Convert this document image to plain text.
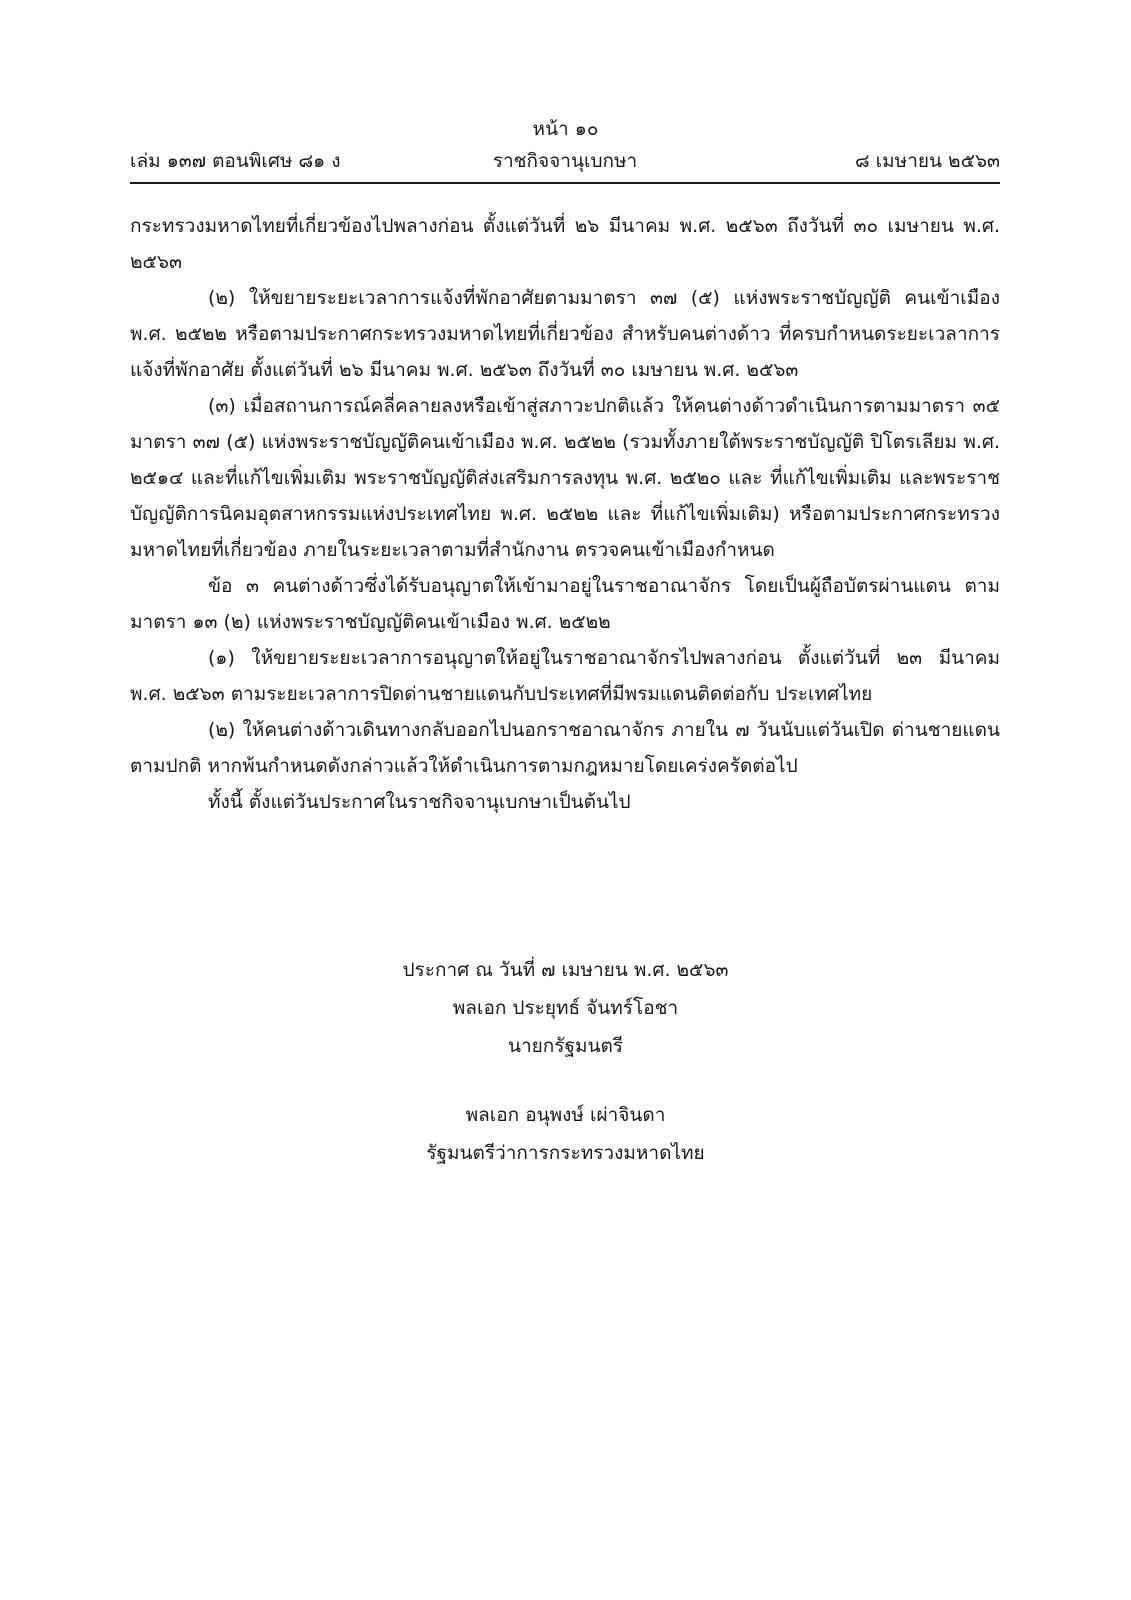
หน้า ๑๐
เล่ม ๑๓๗ ตอนพิเศษ ๘๑ ง	ราชกิจจานุเบกษา	๘ เมษายน ๒๕๖๓

กระทรวงมหาดไทยที่เกี่ยวข้องไปพลางก่อน ตั้งแต่วันที่ ๒๖ มีนาคม พ.ศ. ๒๕๖๓ ถึงวันที่ ๓๐ เมษายน พ.ศ. ๒๕๖๓

(๒) ให้ขยายระยะเวลาการแจ้งที่พักอาศัยตามมาตรา ๓๗ (๕) แห่งพระราชบัญญัติ คนเข้าเมือง พ.ศ. ๒๕๒๒ หรือตามประกาศกระทรวงมหาดไทยที่เกี่ยวข้อง สำหรับคนต่างด้าว ที่ครบกำหนดระยะเวลาการแจ้งที่พักอาศัย ตั้งแต่วันที่ ๒๖ มีนาคม พ.ศ. ๒๕๖๓ ถึงวันที่ ๓๐ เมษายน พ.ศ. ๒๕๖๓

(๓) เมื่อสถานการณ์คลี่คลายลงหรือเข้าสู่สภาวะปกติแล้ว ให้คนต่างด้าวดำเนินการตามมาตรา ๓๕ มาตรา ๓๗ (๕) แห่งพระราชบัญญัติคนเข้าเมือง พ.ศ. ๒๕๒๒ (รวมทั้งภายใต้พระราชบัญญัติ ปิโตรเลียม พ.ศ. ๒๕๑๔ และที่แก้ไขเพิ่มเติม พระราชบัญญัติส่งเสริมการลงทุน พ.ศ. ๒๕๒๐ และ ที่แก้ไขเพิ่มเติม และพระราชบัญญัติการนิคมอุตสาหกรรมแห่งประเทศไทย พ.ศ. ๒๕๒๒ และ ที่แก้ไขเพิ่มเติม) หรือตามประกาศกระทรวงมหาดไทยที่เกี่ยวข้อง ภายในระยะเวลาตามที่สำนักงาน ตรวจคนเข้าเมืองกำหนด

ข้อ ๓ คนต่างด้าวซึ่งได้รับอนุญาตให้เข้ามาอยู่ในราชอาณาจักร โดยเป็นผู้ถือบัตรผ่านแดน ตามมาตรา ๑๓ (๒) แห่งพระราชบัญญัติคนเข้าเมือง พ.ศ. ๒๕๒๒

(๑) ให้ขยายระยะเวลาการอนุญาตให้อยู่ในราชอาณาจักรไปพลางก่อน ตั้งแต่วันที่ ๒๓ มีนาคม พ.ศ. ๒๕๖๓ ตามระยะเวลาการปิดด่านชายแดนกับประเทศที่มีพรมแดนติดต่อกับ ประเทศไทย

(๒) ให้คนต่างด้าวเดินทางกลับออกไปนอกราชอาณาจักร ภายใน ๗ วันนับแต่วันเปิด ด่านชายแดนตามปกติ หากพ้นกำหนดดังกล่าวแล้วให้ดำเนินการตามกฎหมายโดยเคร่งครัดต่อไป

ทั้งนี้ ตั้งแต่วันประกาศในราชกิจจานุเบกษาเป็นต้นไป

ประกาศ ณ วันที่ ๗ เมษายน พ.ศ. ๒๕๖๓
พลเอก ประยุทธ์ จันทร์โอชา
นายกรัฐมนตรี
พลเอก อนุพงษ์ เผ่าจินดา
รัฐมนตรีว่าการกระทรวงมหาดไทย
